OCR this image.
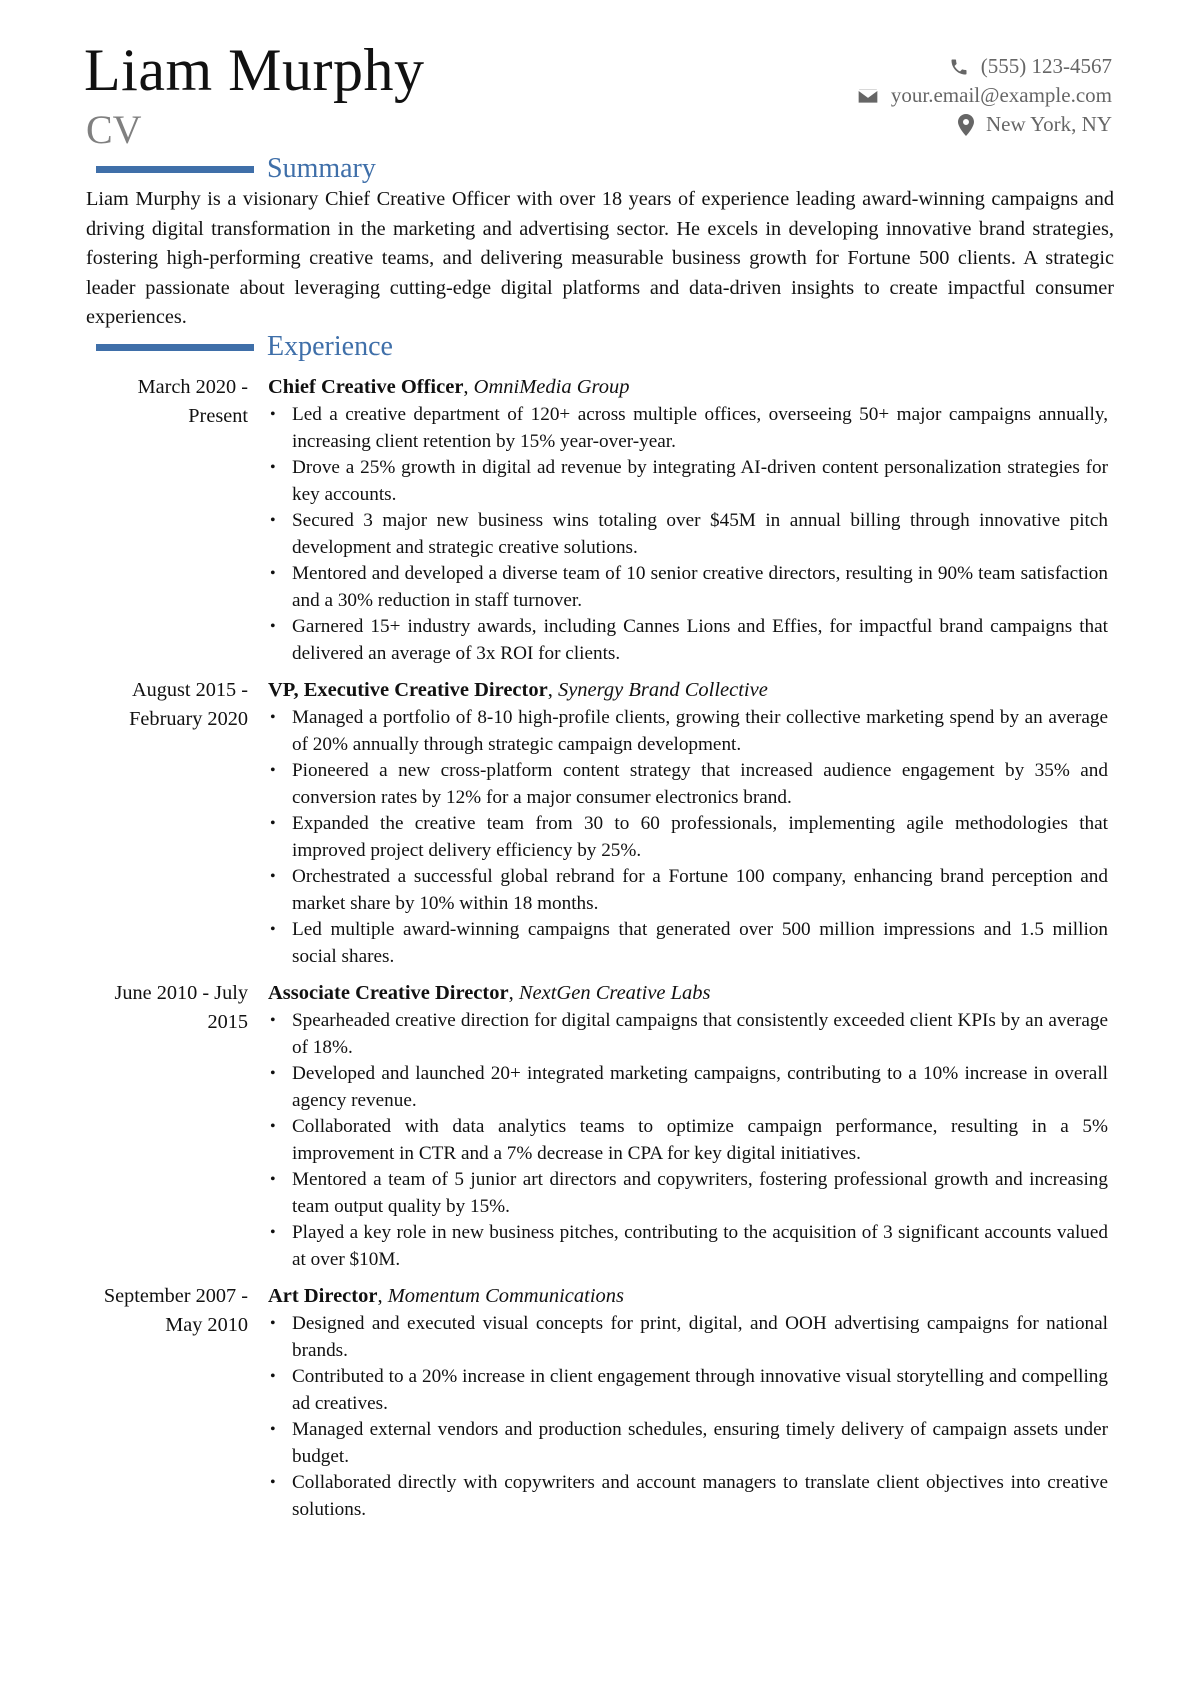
Liam Murphy
CV
(555) 123-4567
your.email@example.com
New York, NY
Summary
Liam Murphy is a visionary Chief Creative Officer with over 18 years of experience leading award-winning campaigns and driving digital transformation in the marketing and advertising sector. He excels in developing innovative brand strategies, fostering high-performing creative teams, and delivering measurable business growth for Fortune 500 clients. A strategic leader passionate about leveraging cutting-edge digital platforms and data-driven insights to create impactful consumer experiences.
Experience
March 2020 - Present
Chief Creative Officer, OmniMedia Group
• Led a creative department of 120+ across multiple offices, overseeing 50+ major campaigns annually, increasing client retention by 15% year-over-year.
• Drove a 25% growth in digital ad revenue by integrating AI-driven content personalization strategies for key accounts.
• Secured 3 major new business wins totaling over $45M in annual billing through innovative pitch development and strategic creative solutions.
• Mentored and developed a diverse team of 10 senior creative directors, resulting in 90% team satisfaction and a 30% reduction in staff turnover.
• Garnered 15+ industry awards, including Cannes Lions and Effies, for impactful brand campaigns that delivered an average of 3x ROI for clients.
August 2015 - February 2020
VP, Executive Creative Director, Synergy Brand Collective
• Managed a portfolio of 8-10 high-profile clients, growing their collective marketing spend by an average of 20% annually through strategic campaign development.
• Pioneered a new cross-platform content strategy that increased audience engagement by 35% and conversion rates by 12% for a major consumer electronics brand.
• Expanded the creative team from 30 to 60 professionals, implementing agile methodologies that improved project delivery efficiency by 25%.
• Orchestrated a successful global rebrand for a Fortune 100 company, enhancing brand perception and market share by 10% within 18 months.
• Led multiple award-winning campaigns that generated over 500 million impressions and 1.5 million social shares.
June 2010 - July 2015
Associate Creative Director, NextGen Creative Labs
• Spearheaded creative direction for digital campaigns that consistently exceeded client KPIs by an average of 18%.
• Developed and launched 20+ integrated marketing campaigns, contributing to a 10% increase in overall agency revenue.
• Collaborated with data analytics teams to optimize campaign performance, resulting in a 5% improvement in CTR and a 7% decrease in CPA for key digital initiatives.
• Mentored a team of 5 junior art directors and copywriters, fostering professional growth and increasing team output quality by 15%.
• Played a key role in new business pitches, contributing to the acquisition of 3 significant accounts valued at over $10M.
September 2007 - May 2010
Art Director, Momentum Communications
• Designed and executed visual concepts for print, digital, and OOH advertising campaigns for national brands.
• Contributed to a 20% increase in client engagement through innovative visual storytelling and compelling ad creatives.
• Managed external vendors and production schedules, ensuring timely delivery of campaign assets under budget.
• Collaborated directly with copywriters and account managers to translate client objectives into creative solutions.
